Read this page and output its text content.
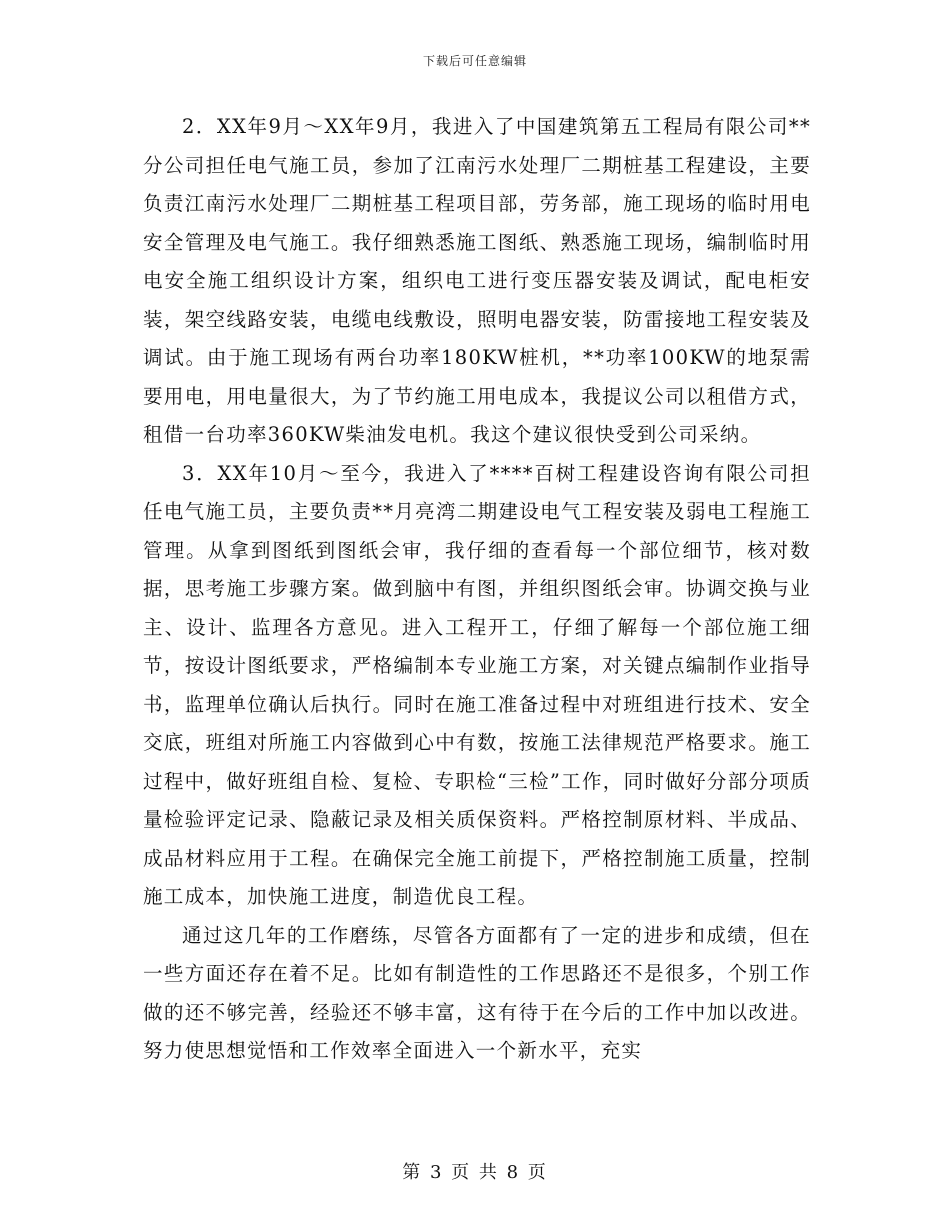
下载后可任意编辑

2．XX年9月～XX年9月，我进入了中国建筑第五工程局有限公司**分公司担任电气施工员，参加了江南污水处理厂二期桩基工程建设，主要负责江南污水处理厂二期桩基工程项目部，劳务部，施工现场的临时用电安全管理及电气施工。我仔细熟悉施工图纸、熟悉施工现场，编制临时用电安全施工组织设计方案，组织电工进行变压器安装及调试，配电柜安装，架空线路安装，电缆电线敷设，照明电器安装，防雷接地工程安装及调试。由于施工现场有两台功率180KW桩机，**功率100KW的地泵需要用电，用电量很大，为了节约施工用电成本，我提议公司以租借方式，租借一台功率360KW柴油发电机。我这个建议很快受到公司采纳。

3．XX年10月～至今，我进入了****百树工程建设咨询有限公司担任电气施工员，主要负责**月亮湾二期建设电气工程安装及弱电工程施工管理。从拿到图纸到图纸会审，我仔细的查看每一个部位细节，核对数据，思考施工步骤方案。做到脑中有图，并组织图纸会审。协调交换与业主、设计、监理各方意见。进入工程开工，仔细了解每一个部位施工细节，按设计图纸要求，严格编制本专业施工方案，对关键点编制作业指导书，监理单位确认后执行。同时在施工准备过程中对班组进行技术、安全交底，班组对所施工内容做到心中有数，按施工法律规范严格要求。施工过程中，做好班组自检、复检、专职检“三检”工作，同时做好分部分项质量检验评定记录、隐蔽记录及相关质保资料。严格控制原材料、半成品、成品材料应用于工程。在确保完全施工前提下，严格控制施工质量，控制施工成本，加快施工进度，制造优良工程。

通过这几年的工作磨练，尽管各方面都有了一定的进步和成绩，但在一些方面还存在着不足。比如有制造性的工作思路还不是很多，个别工作做的还不够完善，经验还不够丰富，这有待于在今后的工作中加以改进。努力使思想觉悟和工作效率全面进入一个新水平，充实

第 3 页 共 8 页
